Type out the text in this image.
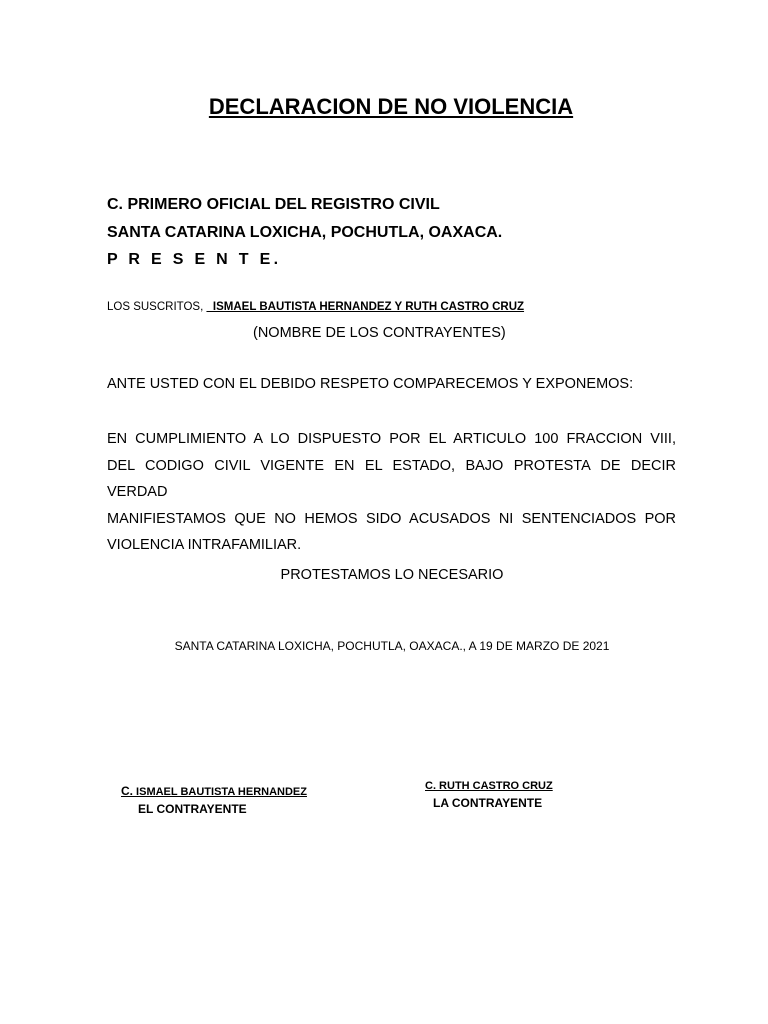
DECLARACION DE NO VIOLENCIA
C. PRIMERO OFICIAL DEL REGISTRO CIVIL
SANTA CATARINA LOXICHA, POCHUTLA, OAXACA.
P R E S E N T E.
LOS SUSCRITOS, _ISMAEL BAUTISTA HERNANDEZ Y RUTH CASTRO CRUZ
(NOMBRE DE LOS CONTRAYENTES)
ANTE USTED CON EL DEBIDO RESPETO COMPARECEMOS Y EXPONEMOS:
EN CUMPLIMIENTO A LO DISPUESTO POR EL ARTICULO 100 FRACCION VIII,
DEL CODIGO CIVIL VIGENTE EN EL ESTADO, BAJO PROTESTA DE DECIR VERDAD
MANIFIESTAMOS QUE NO HEMOS SIDO ACUSADOS NI SENTENCIADOS POR
VIOLENCIA INTRAFAMILIAR.
PROTESTAMOS LO NECESARIO
SANTA CATARINA LOXICHA, POCHUTLA, OAXACA., A 19 DE MARZO DE 2021
C. ISMAEL BAUTISTA HERNANDEZ
EL CONTRAYENTE
C. RUTH CASTRO CRUZ
LA CONTRAYENTE
